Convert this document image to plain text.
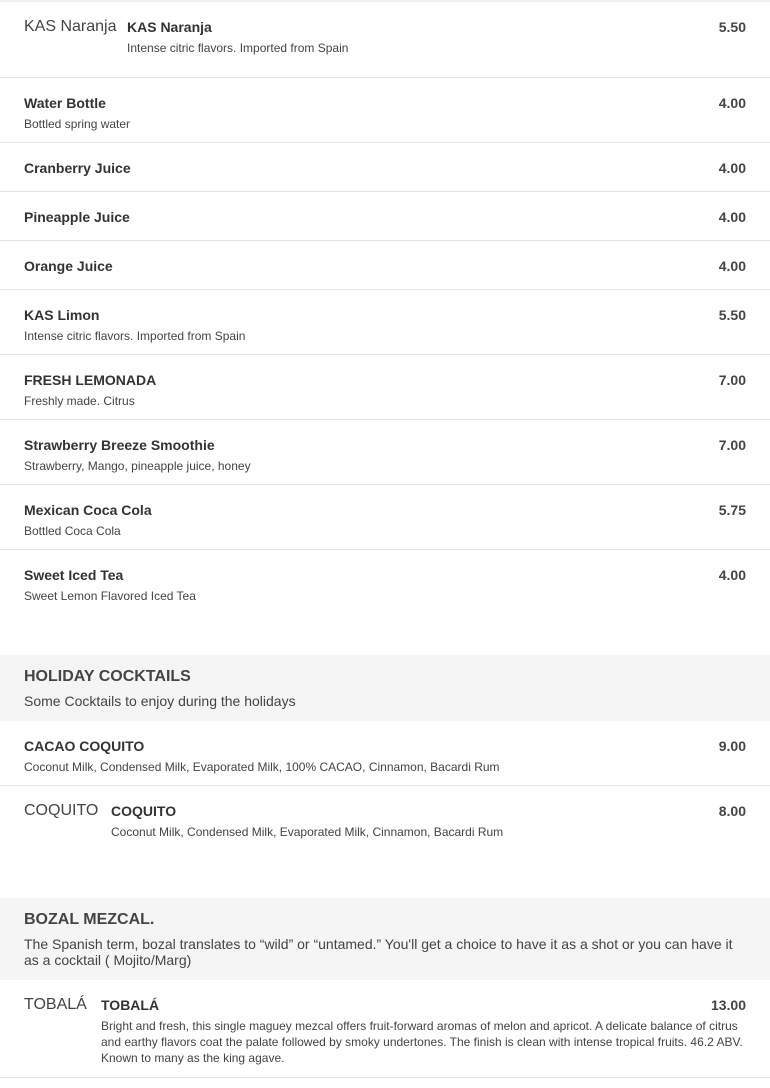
KAS Naranja KAS Naranja	5.50
Intense citric flavors. Imported from Spain
Water Bottle	4.00
Bottled spring water
Cranberry Juice	4.00
Pineapple Juice	4.00
Orange Juice	4.00
KAS Limon	5.50
Intense citric flavors. Imported from Spain
FRESH LEMONADA	7.00
Freshly made. Citrus
Strawberry Breeze Smoothie	7.00
Strawberry, Mango, pineapple juice, honey
Mexican Coca Cola	5.75
Bottled Coca Cola
Sweet Iced Tea	4.00
Sweet Lemon Flavored Iced Tea
HOLIDAY COCKTAILS
Some Cocktails to enjoy during the holidays
CACAO COQUITO	9.00
Coconut Milk, Condensed Milk, Evaporated Milk, 100% CACAO, Cinnamon, Bacardi Rum
COQUITO COQUITO	8.00
Coconut Milk, Condensed Milk, Evaporated Milk, Cinnamon, Bacardi Rum
BOZAL MEZCAL.
The Spanish term, bozal translates to “wild” or “untamed.” You'll get a choice to have it as a shot or you can have it as a cocktail ( Mojito/Marg)
TOBALÁ	TOBALÁ	13.00
Bright and fresh, this single maguey mezcal offers fruit-forward aromas of melon and apricot. A delicate balance of citrus and earthy flavors coat the palate followed by smoky undertones. The finish is clean with intense tropical fruits. 46.2 ABV. Known to many as the king agave.
